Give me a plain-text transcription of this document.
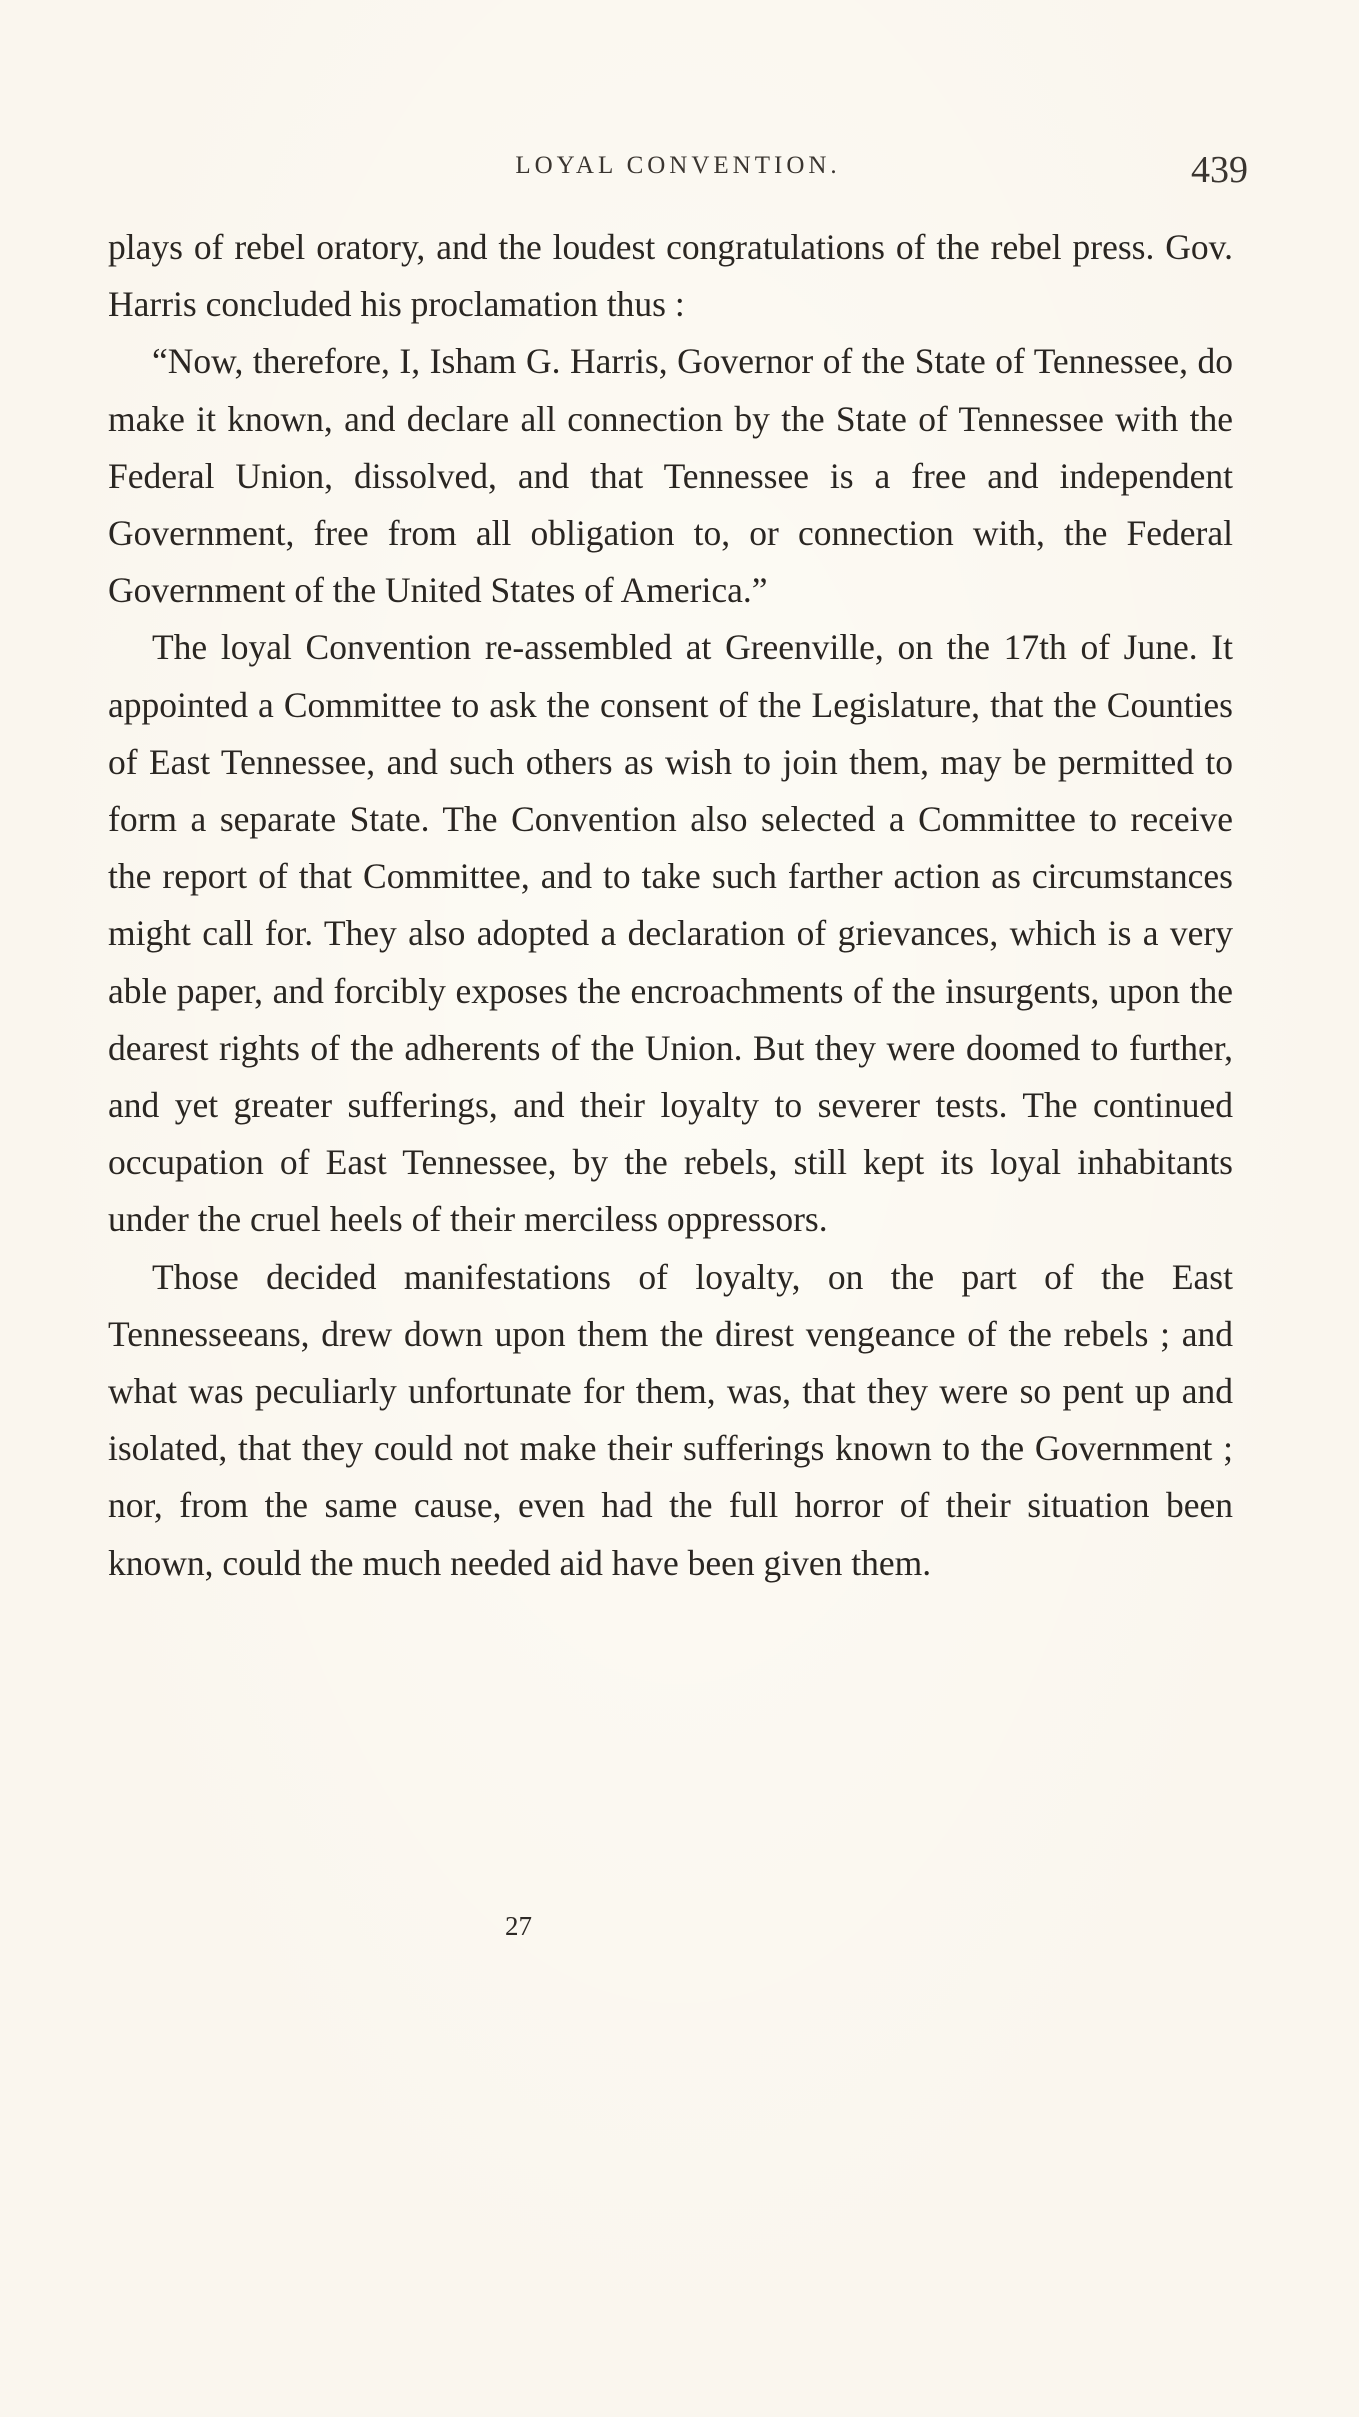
LOYAL CONVENTION.	439

plays of rebel oratory, and the loudest congratulations of the rebel press. Gov. Harris concluded his proclamation thus :

“Now, therefore, I, Isham G. Harris, Governor of the State of Tennessee, do make it known, and declare all connection by the State of Tennessee with the Federal Union, dissolved, and that Tennessee is a free and independent Government, free from all obligation to, or connection with, the Federal Government of the United States of America.”

The loyal Convention re-assembled at Greenville, on the 17th of June. It appointed a Committee to ask the consent of the Legislature, that the Counties of East Tennessee, and such others as wish to join them, may be permitted to form a separate State. The Convention also selected a Committee to receive the report of that Committee, and to take such farther action as circumstances might call for. They also adopted a declaration of grievances, which is a very able paper, and forcibly exposes the encroachments of the insurgents, upon the dearest rights of the adherents of the Union. But they were doomed to further, and yet greater sufferings, and their loyalty to severer tests. The continued occupation of East Tennessee, by the rebels, still kept its loyal inhabitants under the cruel heels of their merciless oppressors.

Those decided manifestations of loyalty, on the part of the East Tennesseeans, drew down upon them the direst vengeance of the rebels ; and what was peculiarly unfortunate for them, was, that they were so pent up and isolated, that they could not make their sufferings known to the Government ; nor, from the same cause, even had the full horror of their situation been known, could the much needed aid have been given them.

27
